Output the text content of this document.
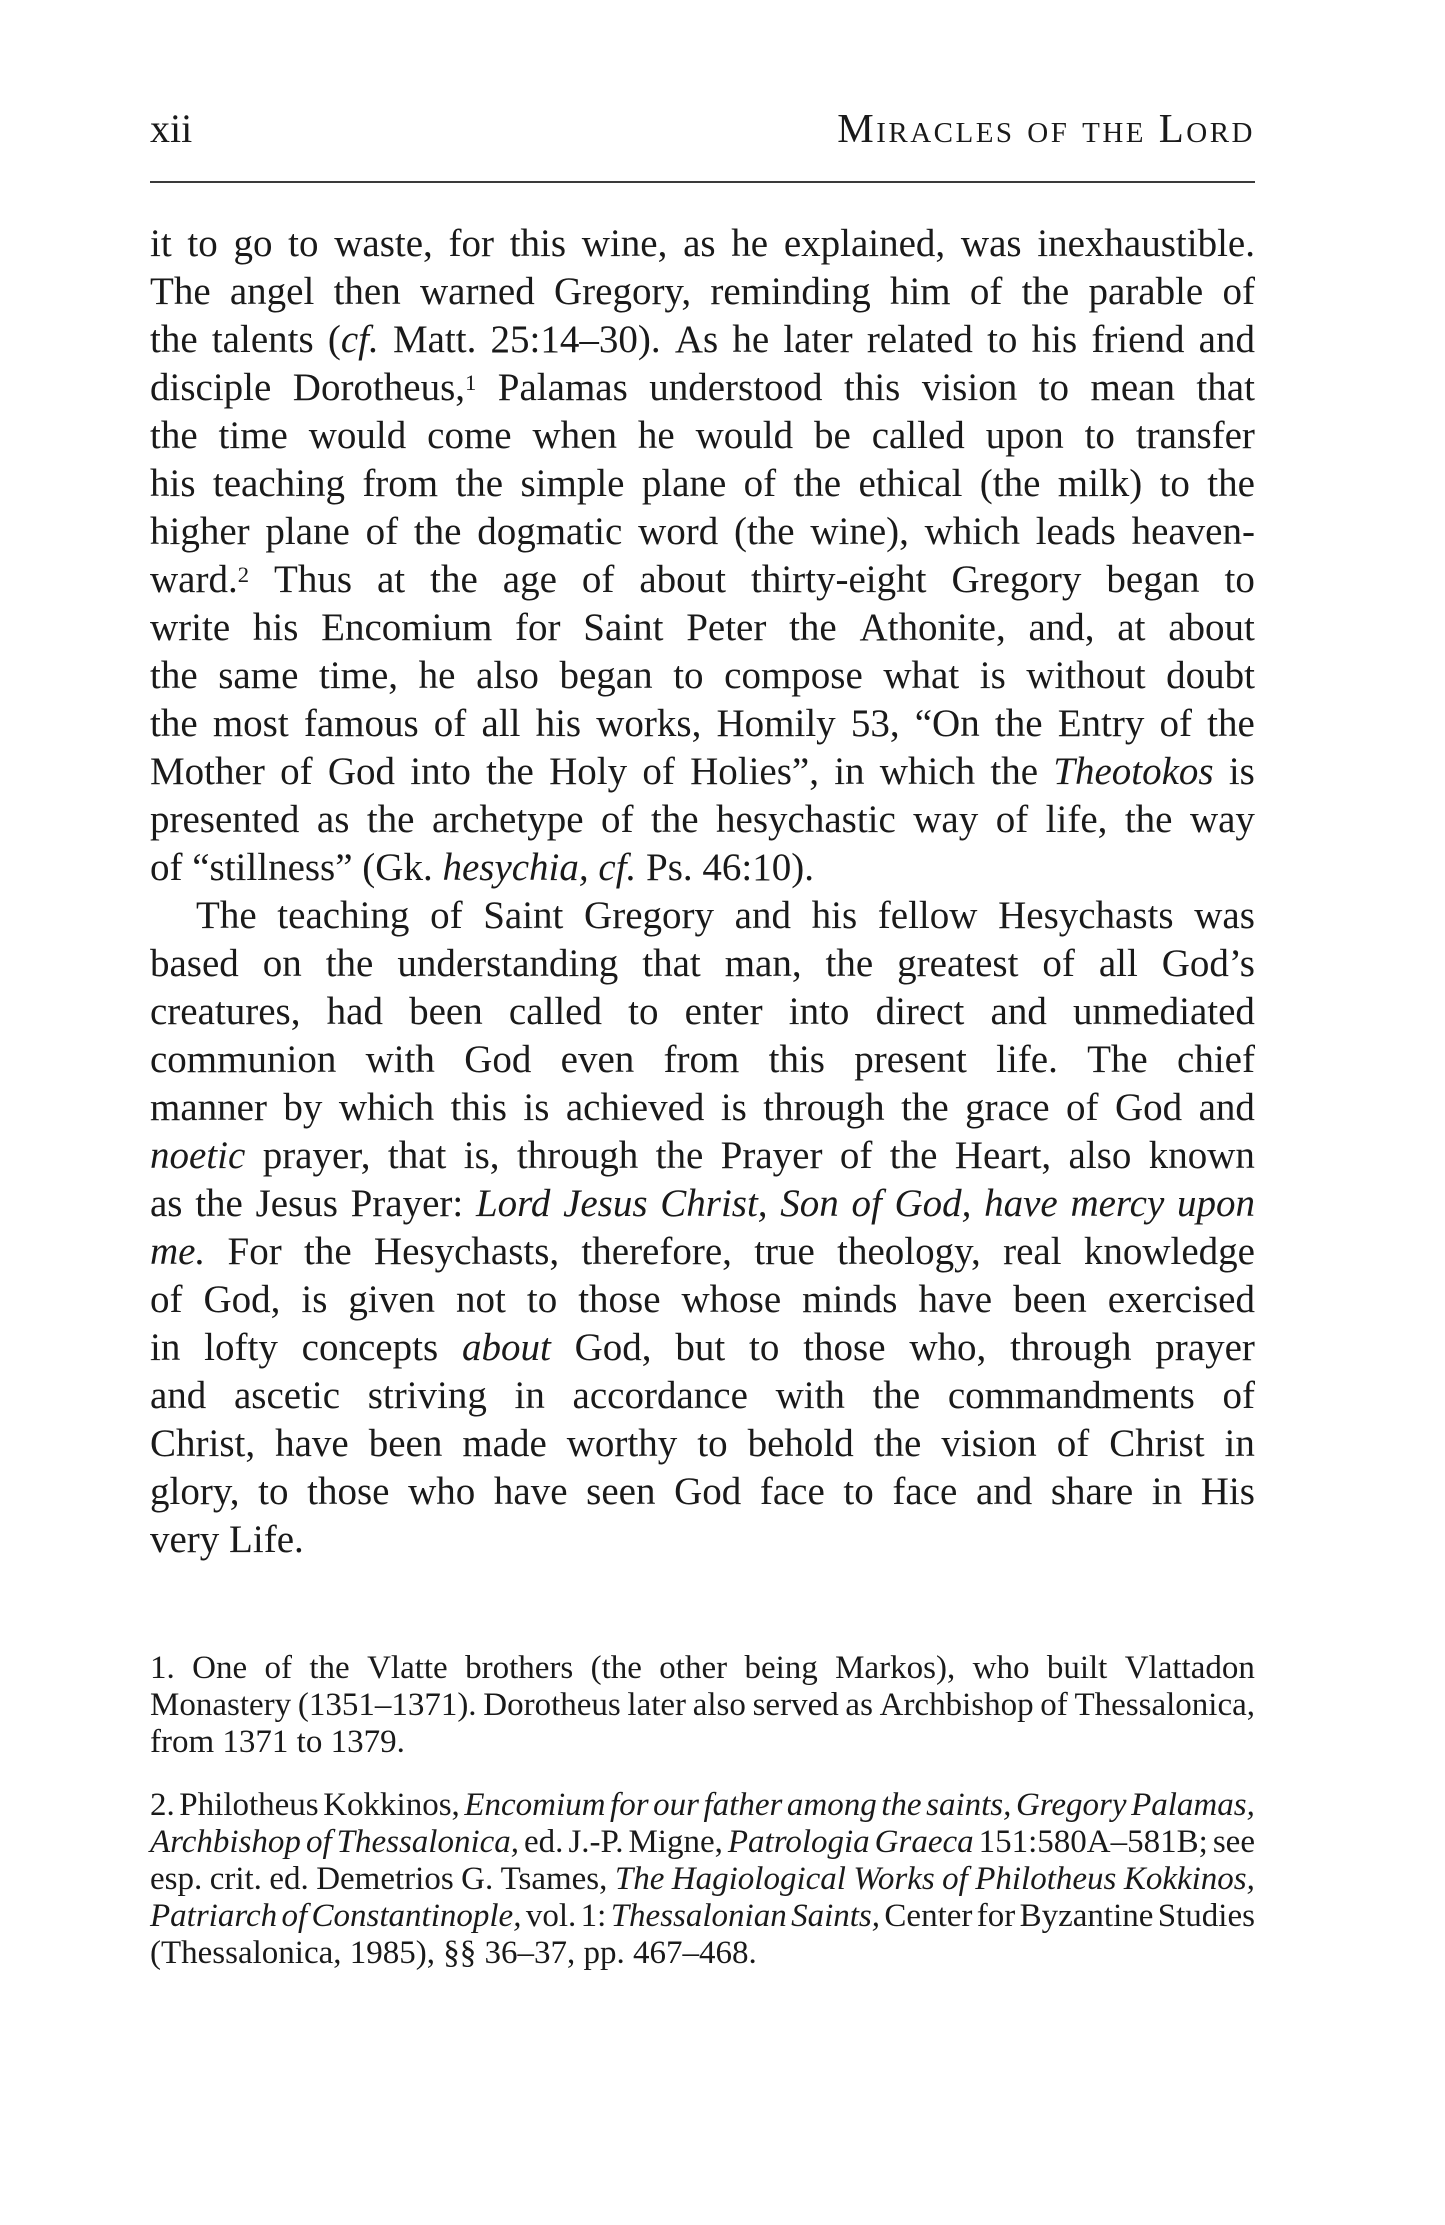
xii	Miracles of the Lord
it to go to waste, for this wine, as he explained, was inexhaustible.
The angel then warned Gregory, reminding him of the parable of
the talents (cf. Matt. 25:14–30). As he later related to his friend and
disciple Dorotheus,$^1$ Palamas understood this vision to mean that
the time would come when he would be called upon to transfer
his teaching from the simple plane of the ethical (the milk) to the
higher plane of the dogmatic word (the wine), which leads heaven-
ward.$^2$ Thus at the age of about thirty-eight Gregory began to
write his Encomium for Saint Peter the Athonite, and, at about
the same time, he also began to compose what is without doubt
the most famous of all his works, Homily 53, “On the Entry of the
Mother of God into the Holy of Holies”, in which the Theotokos is
presented as the archetype of the hesychastic way of life, the way
of “stillness” (Gk. hesychia, cf. Ps. 46:10).
The teaching of Saint Gregory and his fellow Hesychasts was
based on the understanding that man, the greatest of all God’s
creatures, had been called to enter into direct and unmediated
communion with God even from this present life. The chief
manner by which this is achieved is through the grace of God and
noetic prayer, that is, through the Prayer of the Heart, also known
as the Jesus Prayer: Lord Jesus Christ, Son of God, have mercy upon
me. For the Hesychasts, therefore, true theology, real knowledge
of God, is given not to those whose minds have been exercised
in lofty concepts about God, but to those who, through prayer
and ascetic striving in accordance with the commandments of
Christ, have been made worthy to behold the vision of Christ in
glory, to those who have seen God face to face and share in His
very Life.
1. One of the Vlatte brothers (the other being Markos), who built Vlattadon
Monastery (1351–1371). Dorotheus later also served as Archbishop of Thessalonica,
from 1371 to 1379.
2. Philotheus Kokkinos, Encomium for our father among the saints, Gregory Palamas,
Archbishop of Thessalonica, ed. J.-P. Migne, Patrologia Graeca 151:580A–581B; see
esp. crit. ed. Demetrios G. Tsames, The Hagiological Works of Philotheus Kokkinos,
Patriarch of Constantinople, vol. 1: Thessalonian Saints, Center for Byzantine Studies
(Thessalonica, 1985), §§ 36–37, pp. 467–468.
